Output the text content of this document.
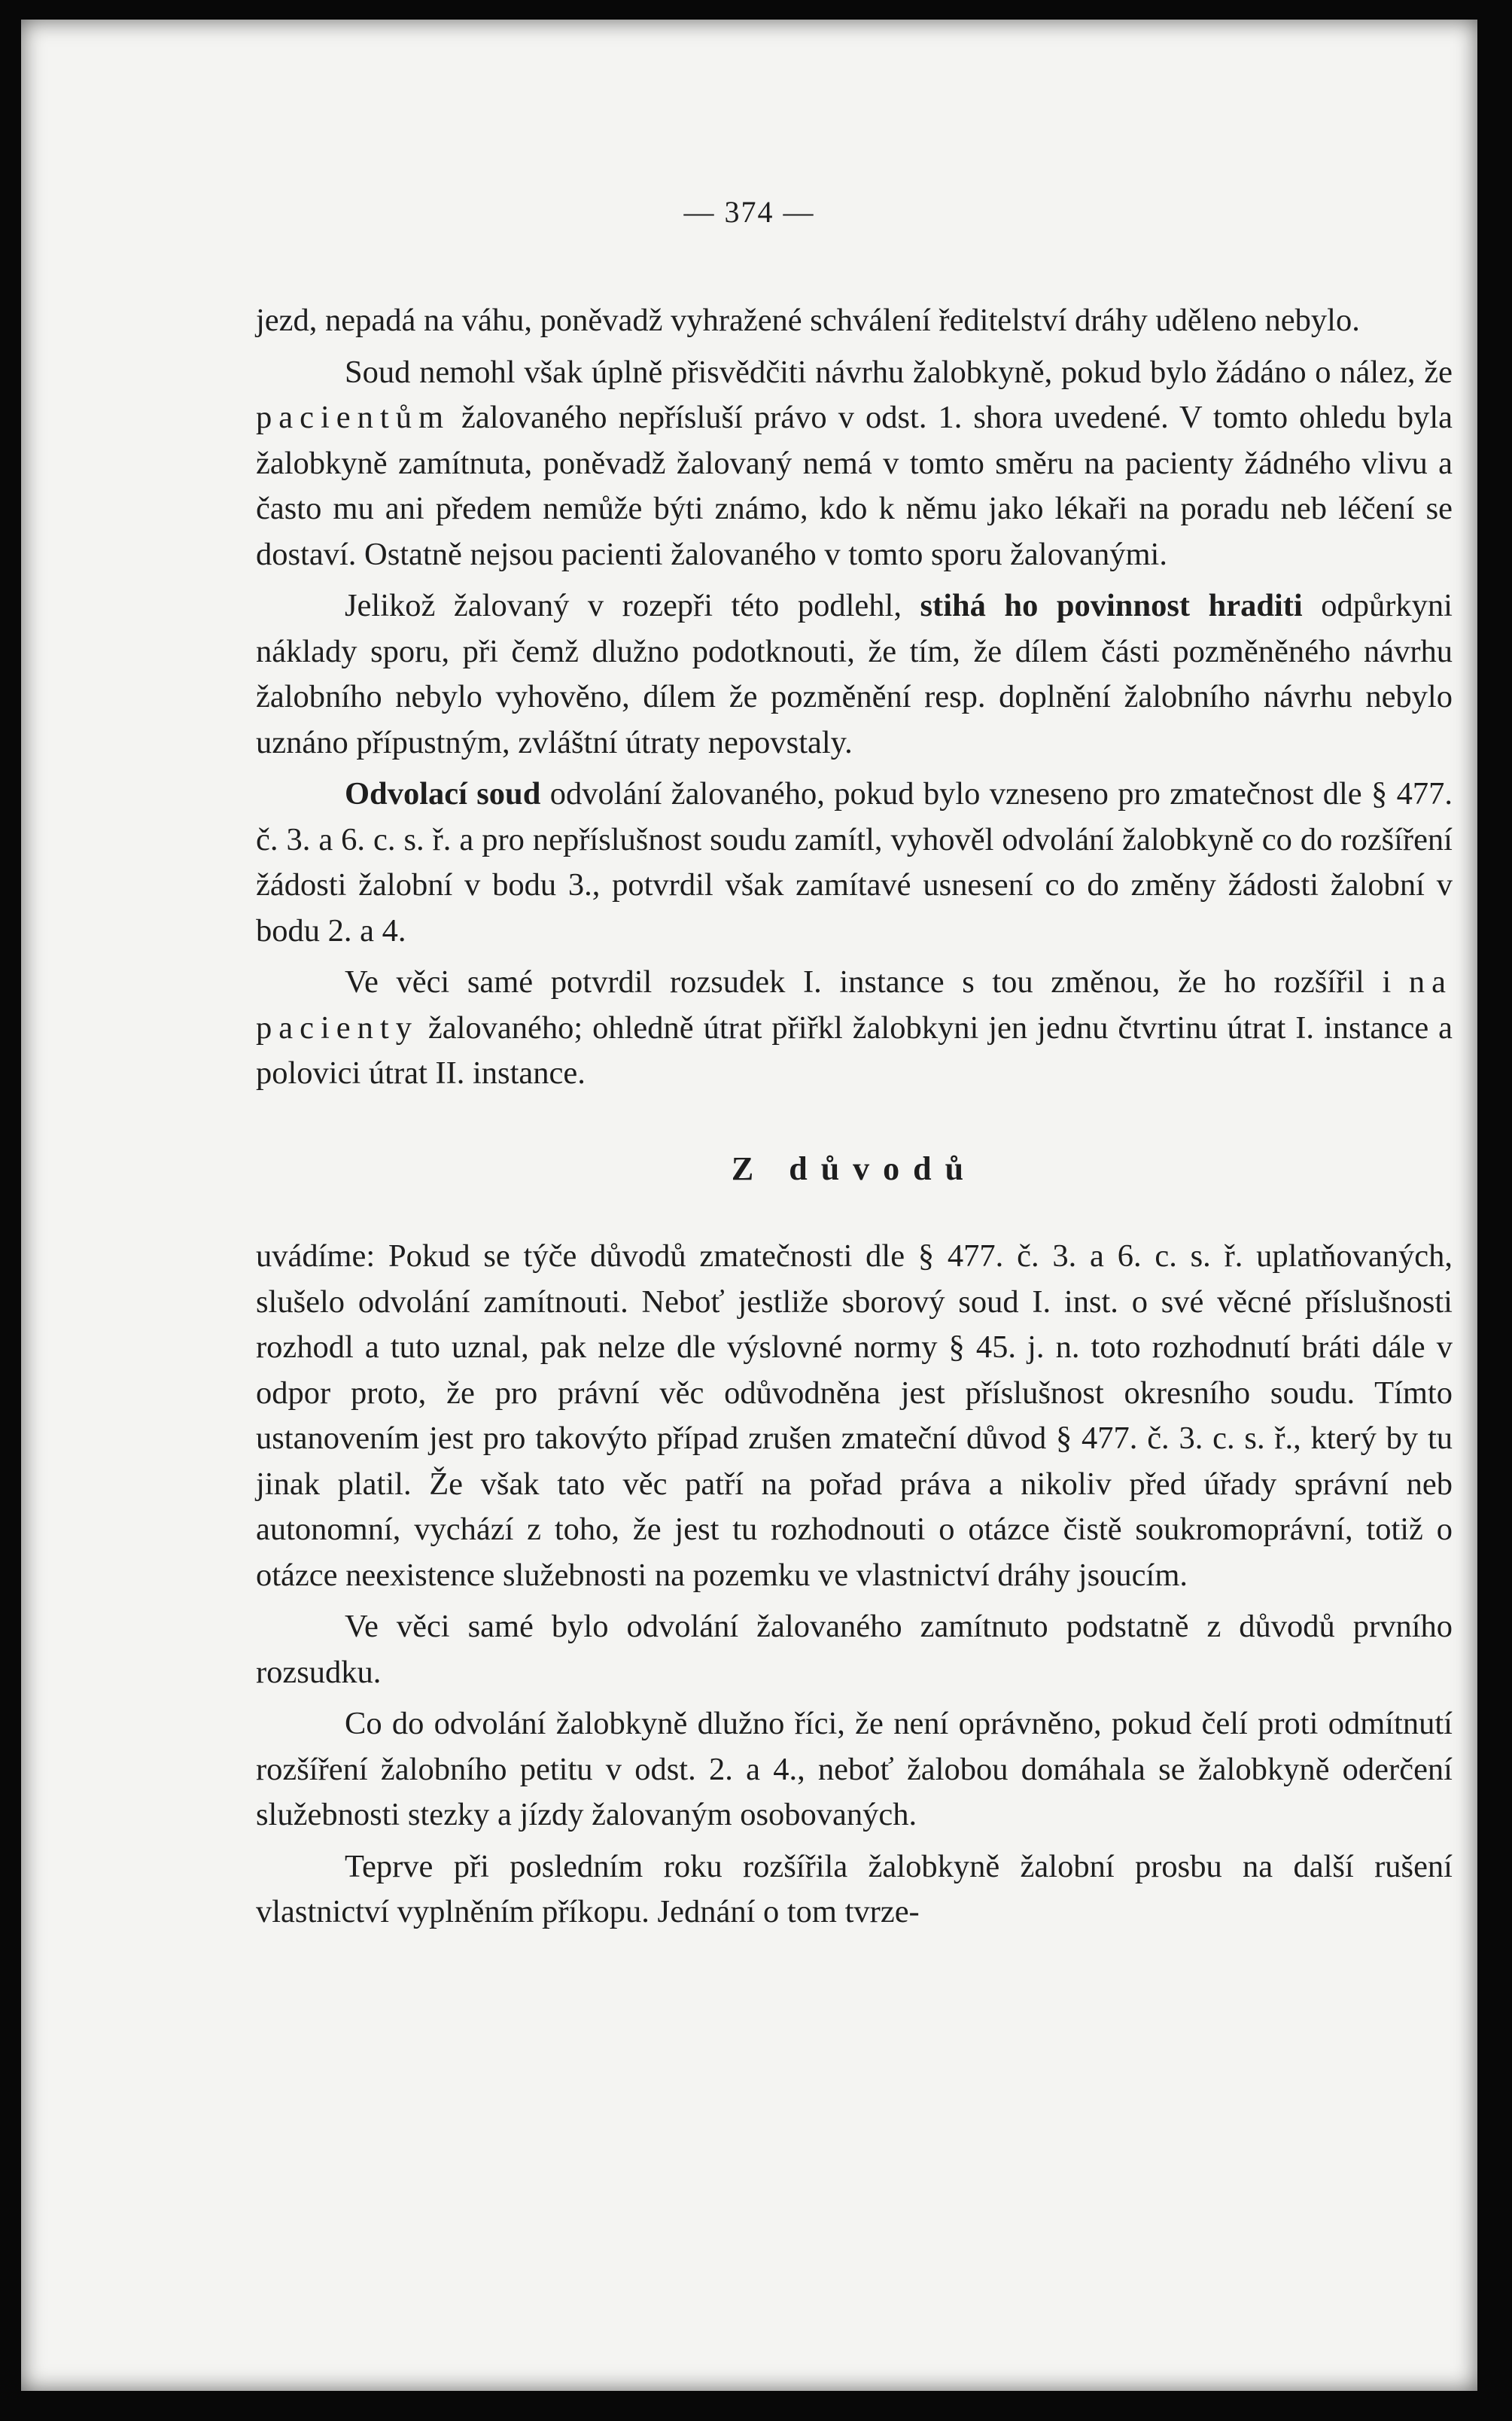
— 374 —

jezd, nepadá na váhu, poněvadž vyhražené schválení ředitelství dráhy uděleno nebylo.

Soud nemohl však úplně přisvědčiti návrhu žalobkyně, pokud bylo žádáno o nález, že pacientům žalovaného nepřísluší právo v odst. 1. shora uvedené. V tomto ohledu byla žalobkyně zamítnuta, poněvadž žalovaný nemá v tomto směru na pacienty žádného vlivu a často mu ani předem nemůže býti známo, kdo k němu jako lékaři na poradu neb léčení se dostaví. Ostatně nejsou pacienti žalovaného v tomto sporu žalovanými.

Jelikož žalovaný v rozepři této podlehl, stihá ho povinnost hraditi odpůrkyni náklady sporu, při čemž dlužno podotknouti, že tím, že dílem části pozměněného návrhu žalobního nebylo vyhověno, dílem že pozměnění resp. doplnění žalobního návrhu nebylo uznáno přípustným, zvláštní útraty nepovstaly.

Odvolací soud odvolání žalovaného, pokud bylo vzneseno pro zmatečnost dle § 477. č. 3. a 6. c. s. ř. a pro nepříslušnost soudu zamítl, vyhověl odvolání žalobkyně co do rozšíření žádosti žalobní v bodu 3., potvrdil však zamítavé usnesení co do změny žádosti žalobní v bodu 2. a 4.

Ve věci samé potvrdil rozsudek I. instance s tou změnou, že ho rozšířil i na pacienty žalovaného; ohledně útrat přiřkl žalobkyni jen jednu čtvrtinu útrat I. instance a polovici útrat II. instance.

Z důvodů

uvádíme: Pokud se týče důvodů zmatečnosti dle § 477. č. 3. a 6. c. s. ř. uplatňovaných, slušelo odvolání zamítnouti. Neboť jestliže sborový soud I. inst. o své věcné příslušnosti rozhodl a tuto uznal, pak nelze dle výslovné normy § 45. j. n. toto rozhodnutí bráti dále v odpor proto, že pro právní věc odůvodněna jest příslušnost okresního soudu. Tímto ustanovením jest pro takovýto případ zrušen zmateční důvod § 477. č. 3. c. s. ř., který by tu jinak platil. Že však tato věc patří na pořad práva a nikoliv před úřady správní neb autonomní, vychází z toho, že jest tu rozhodnouti o otázce čistě soukromoprávní, totiž o otázce neexistence služebnosti na pozemku ve vlastnictví dráhy jsoucím.

Ve věci samé bylo odvolání žalovaného zamítnuto podstatně z důvodů prvního rozsudku.

Co do odvolání žalobkyně dlužno říci, že není oprávněno, pokud čelí proti odmítnutí rozšíření žalobního petitu v odst. 2. a 4., neboť žalobou domáhala se žalobkyně oderčení služebnosti stezky a jízdy žalovaným osobovaných.

Teprve při posledním roku rozšířila žalobkyně žalobní prosbu na další rušení vlastnictví vyplněním příkopu. Jednání o tom tvrze-
